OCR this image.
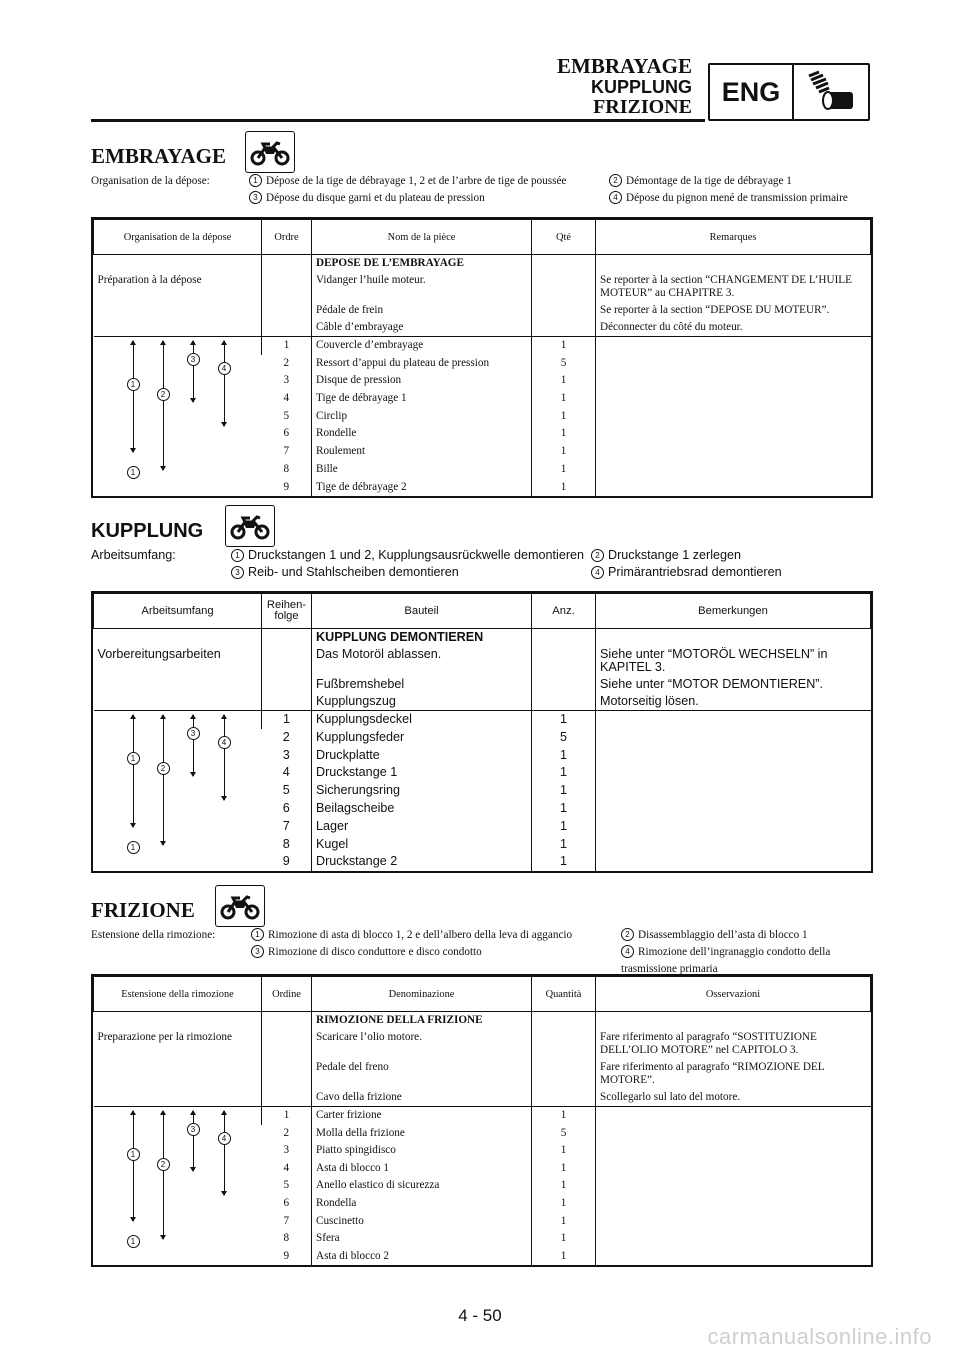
EMBRAYAGE
KUPPLUNG
FRIZIONE
ENG
EMBRAYAGE
Organisation de la dépose:	1 Dépose de la tige de débrayage 1, 2 et de l’arbre de tige de poussée	2 Démontage de la tige de débrayage 1
3 Dépose du disque garni et du plateau de pression	4 Dépose du pignon mené de transmission primaire
Organisation de la dépose	Ordre	Nom de la pièce	Qté	Remarques
		DEPOSE DE L’EMBRAYAGE		
Préparation à la dépose		Vidanger l’huile moteur.		Se reporter à la section “CHANGEMENT DE L’HUILE MOTEUR” au CHAPITRE 3.
		Pédale de frein		Se reporter à la section “DEPOSE DU MOTEUR”.
		Câble d’embrayage		Déconnecter du côté du moteur.

1
2
3
4
1	1	Couvercle d’embrayage	1	
	2	Ressort d’appui du plateau de pression	5	
	3	Disque de pression	1	
	4	Tige de débrayage 1	1	
	5	Circlip	1	
	6	Rondelle	1	
	7	Roulement	1	
	8	Bille	1	
	9	Tige de débrayage 2	1	
KUPPLUNG
Arbeitsumfang:	1 Druckstangen 1 und 2, Kupplungsausrückwelle demontieren	2 Druckstange 1 zerlegen
3 Reib- und Stahlscheiben demontieren	4 Primärantriebsrad demontieren
Arbeitsumfang	Reihen-folge	Bauteil	Anz.	Bemerkungen
		KUPPLUNG DEMONTIEREN		
Vorbereitungsarbeiten		Das Motoröl ablassen.		Siehe unter “MOTORÖL WECHSELN” in KAPITEL 3.
		Fußbremshebel		Siehe unter “MOTOR DEMONTIEREN”.
		Kupplungszug		Motorseitig lösen.

1
2
3
4
1	1	Kupplungsdeckel	1	
	2	Kupplungsfeder	5	
	3	Druckplatte	1	
	4	Druckstange 1	1	
	5	Sicherungsring	1	
	6	Beilagscheibe	1	
	7	Lager	1	
	8	Kugel	1	
	9	Druckstange 2	1	
FRIZIONE
Estensione della rimozione:	1 Rimozione di asta di blocco 1, 2 e dell’albero della leva di aggancio	2 Disassemblaggio dell’asta di blocco 1
3 Rimozione di disco conduttore e disco condotto	4 Rimozione dell’ingranaggio condotto della trasmissione primaria
Estensione della rimozione	Ordine	Denominazione	Quantità	Osservazioni
		RIMOZIONE DELLA FRIZIONE		
Preparazione per la rimozione		Scaricare l’olio motore.		Fare riferimento al paragrafo “SOSTITUZIONE DELL’OLIO MOTORE” nel CAPITOLO 3.
		Pedale del freno		Fare riferimento al paragrafo “RIMOZIONE DEL MOTORE”.
		Cavo della frizione		Scollegarlo sul lato del motore.

1
2
3
4
1	1	Carter frizione	1	
	2	Molla della frizione	5	
	3	Piatto spingidisco	1	
	4	Asta di blocco 1	1	
	5	Anello elastico di sicurezza	1	
	6	Rondella	1	
	7	Cuscinetto	1	
	8	Sfera	1	
	9	Asta di blocco 2	1	
4 - 50
carmanualsonline.info
